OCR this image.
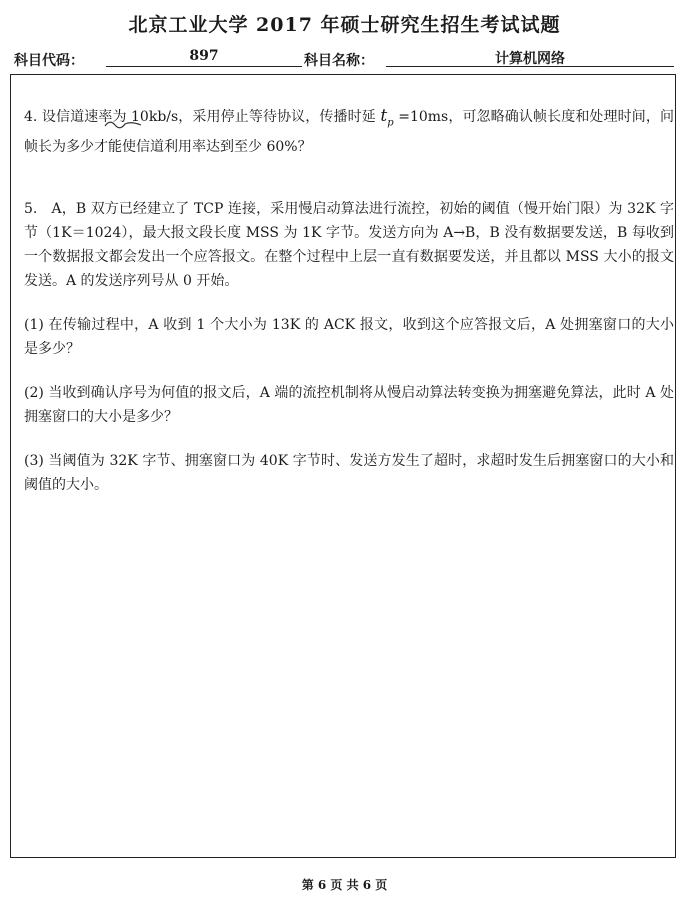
北京工业大学 2017 年硕士研究生招生考试试题
科目代码：	897	科目名称：	计算机网络

4. 设信道速率为
10kb/s，采用停止等待协议，传播时延 $t_p =10ms$，可忽略确认帧长度和处理时间，问帧长为多少才能使信道利用率达到至少 60%？

5.　A，B 双方已经建立了 TCP 连接，采用慢启动算法进行流控，初始的阈值（慢开始门限）为 32K 字节（1K＝1024），最大报文段长度 MSS 为 1K 字节。发送方向为 A→B，B 没有数据要发送，B 每收到一个数据报文都会发出一个应答报文。在整个过程中上层一直有数据要发送，并且都以 MSS 大小的报文发送。A 的发送序列号从 0 开始。

(1) 在传输过程中，A 收到 1 个大小为 13K 的 ACK 报文，收到这个应答报文后，A 处拥塞窗口的大小是多少？

(2) 当收到确认序号为何值的报文后，A 端的流控机制将从慢启动算法转变换为拥塞避免算法，此时 A 处拥塞窗口的大小是多少？

(3) 当阈值为 32K 字节、拥塞窗口为 40K 字节时、发送方发生了超时，求超时发生后拥塞窗口的大小和阈值的大小。

第 6 页 共 6 页
